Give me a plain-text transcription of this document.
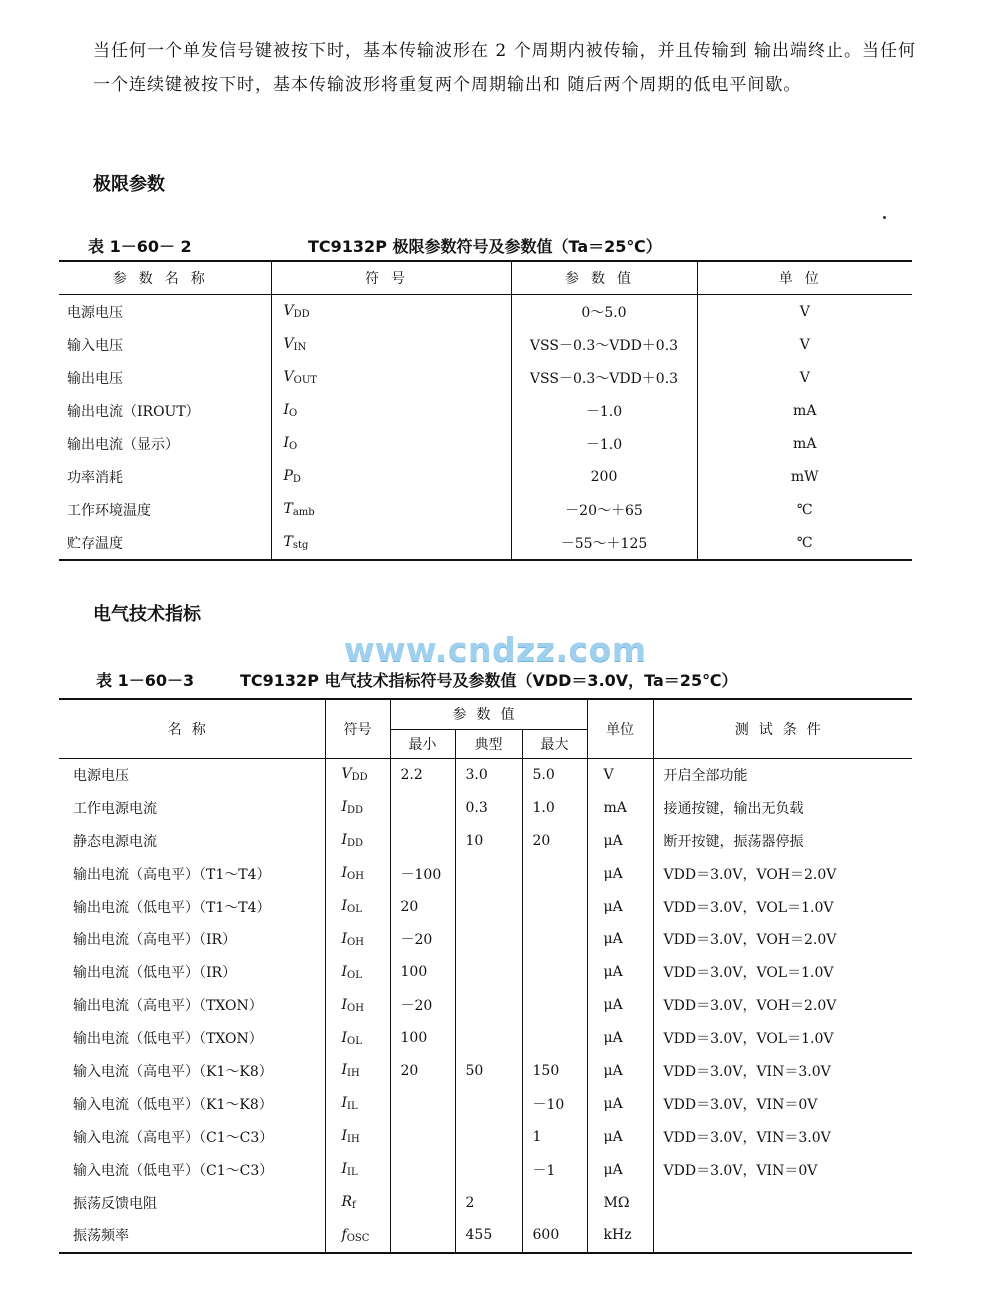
当任何一个单发信号键被按下时，基本传输波形在 2 个周期内被传输，并且传输到 输出端终止。当任何一个连续键被按下时，基本传输波形将重复两个周期输出和 随后两个周期的低电平间歇。
极限参数
表 1－60－ 2	TC9132P 极限参数符号及参数值（Ta＝25℃）
参数名称	符号	参数值	单位
电源电压	$V_{DD}$	0～5.0	V
输入电压	$V_{IN}$	VSS－0.3～VDD＋0.3	V
输出电压	$V_{OUT}$	VSS－0.3～VDD＋0.3	V
输出电流（IROUT）	$I_O$	－1.0	mA
输出电流（显示）	$I_O$	－1.0	mA
功率消耗	$P_D$	200	mW
工作环境温度	$T_{amb}$	－20～＋65	℃
贮存温度	$T_{stg}$	－55～＋125	℃
电气技术指标
www.cndzz.com
表 1－60－3	TC9132P 电气技术指标符号及参数值（VDD＝3.0V，Ta＝25℃）
名称	符号	参数值			单位	测试条件
		最小	典型	最大		
电源电压	$V_{DD}$	2.2	3.0	5.0	V	开启全部功能
工作电源电流	$I_{DD}$		0.3	1.0	mA	接通按键，输出无负载
静态电源电流	$I_{DD}$		10	20	μA	断开按键，振荡器停振
输出电流（高电平）（T1～T4）	$I_{OH}$	－100			μA	VDD＝3.0V，VOH＝2.0V
输出电流（低电平）（T1～T4）	$I_{OL}$	20			μA	VDD＝3.0V，VOL＝1.0V
输出电流（高电平）（IR）	$I_{OH}$	－20			μA	VDD＝3.0V，VOH＝2.0V
输出电流（低电平）（IR）	$I_{OL}$	100			μA	VDD＝3.0V，VOL＝1.0V
输出电流（高电平）（TXON）	$I_{OH}$	－20			μA	VDD＝3.0V，VOH＝2.0V
输出电流（低电平）（TXON）	$I_{OL}$	100			μA	VDD＝3.0V，VOL＝1.0V
输入电流（高电平）（K1～K8）	$I_{IH}$	20	50	150	μA	VDD＝3.0V，VIN＝3.0V
输入电流（低电平）（K1～K8）	$I_{IL}$			－10	μA	VDD＝3.0V，VIN＝0V
输入电流（高电平）（C1～C3）	$I_{IH}$			1	μA	VDD＝3.0V，VIN＝3.0V
输入电流（低电平）（C1～C3）	$I_{IL}$			－1	μA	VDD＝3.0V，VIN＝0V
振荡反馈电阻	$R_f$		2		MΩ	
振荡频率	$f_{OSC}$		455	600	kHz	
